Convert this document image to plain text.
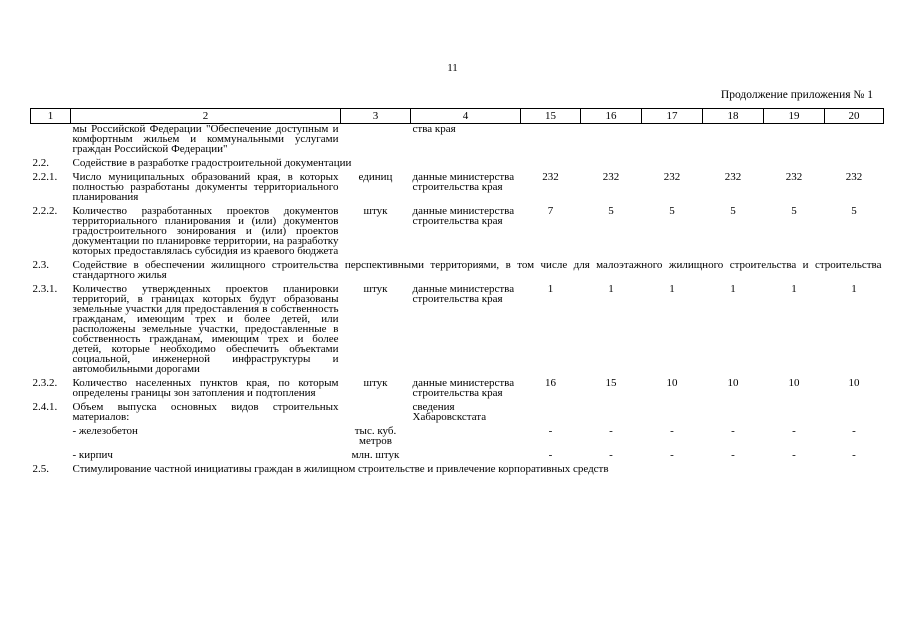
11
Продолжение приложения № 1
1	2	3	4	15	16	17	18	19	20
	мы Российской Федерации "Обеспечение доступным и комфортным жильем и коммунальными услугами граждан Российской Федерации"		ства края						
2.2.	Содействие в разработке градостроительной документации								
2.2.1.	Число муниципальных образований края, в которых полностью разработаны документы территориального планирования	единиц	данные министерства строительства края	232	232	232	232	232	232
2.2.2.	Количество разработанных проектов документов территориального планирования и (или) документов градостроительного зонирования и (или) проектов документации по планировке территории, на разработку которых предоставлялась субсидия из краевого бюджета	штук	данные министерства строительства края	7	5	5	5	5	5
2.3.	Содействие в обеспечении жилищного строительства перспективными территориями, в том числе для малоэтажного жилищного строительства и строительства стандартного жилья								
2.3.1.	Количество утвержденных проектов планировки территорий, в границах которых будут образованы земельные участки для предоставления в собственность гражданам, имеющим трех и более детей, или расположены земельные участки, предоставленные в собственность гражданам, имеющим трех и более детей, которые необходимо обеспечить объектами социальной, инженерной инфраструктуры и автомобильными дорогами	штук	данные министерства строительства края	1	1	1	1	1	1
2.3.2.	Количество населенных пунктов края, по которым определены границы зон затопления и подтопления	штук	данные министерства строительства края	16	15	10	10	10	10
2.4.1.	Объем выпуска основных видов строительных материалов:		сведения Хабаровскстата						
	- железобетон	тыс. куб. метров		-	-	-	-	-	-
	- кирпич	млн. штук		-	-	-	-	-	-
2.5.	Стимулирование частной инициативы граждан в жилищном строительстве и привлечение корпоративных средств								
